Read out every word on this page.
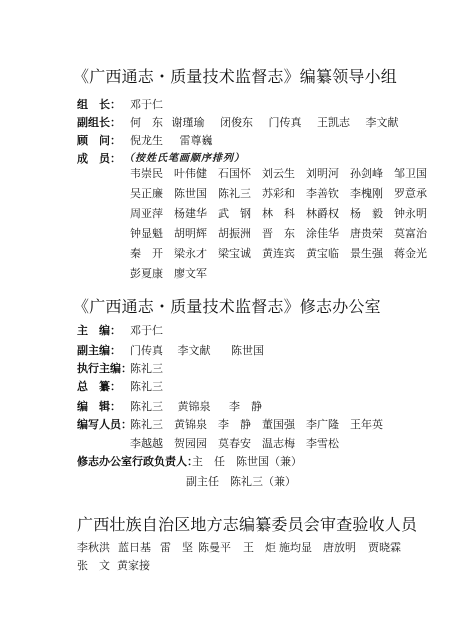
《广西通志・质量技术监督志》编纂领导小组
组　长： 邓于仁
副组长： 何　东 谢瑾瑜 闭俊东 门传真 王凯志 李文献
顾　问： 倪龙生 雷尊巍
成　员： （按姓氏笔画顺序排列）
韦崇民 叶伟健 石国怀 刘云生 刘明河 孙剑峰 邹卫国
吴正廉 陈世国 陈礼三 苏彩和 李善钦 李槐刚 罗意承
周亚萍 杨建华 武　钢 林　科 林爵权 杨　毅 钟永明
钟显魁 胡明辉 胡振洲 晋　东 涂佳华 唐贵荣 莫富治
秦　开 梁永才 梁宝诚 黄连宾 黄宝临 景生强 蒋金光
彭夏康 廖文军
《广西通志・质量技术监督志》修志办公室
主　编： 邓于仁
副主编： 门传真 李文献 陈世国
执行主编：
陈礼三
总　纂： 陈礼三
编　辑： 陈礼三 黄锦泉 李　静
编写人员：
陈礼三 黄锦泉 李　静 董国强 李广隆 王年英
李越越 贺园园 莫春安 温志梅 李雪松
修志办公室行政负责人：
主　任　陈世国（兼）
副主任　陈礼三（兼）
广西壮族自治区地方志编纂委员会审查验收人员
李秋洪 蓝日基 雷　坚 陈曼平 王　炬 施均显 唐放明 贾晓霖
张　文 黄家接
